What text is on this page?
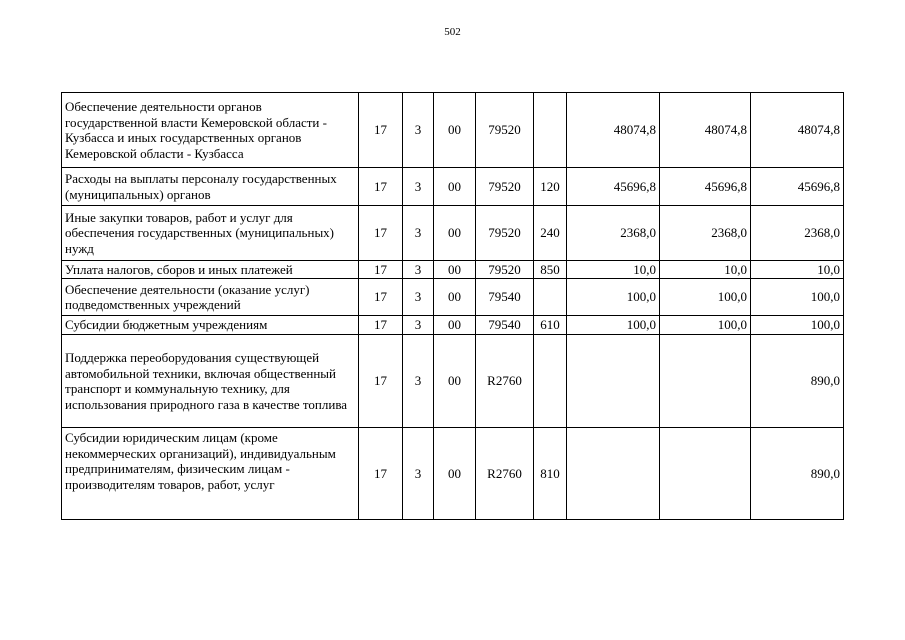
502
Обеспечение деятельности органов государственной власти Кемеровской области - Кузбасса и иных государственных органов Кемеровской области - Кузбасса	17	3	00	79520		48074,8	48074,8	48074,8
Расходы на выплаты персоналу государственных (муниципальных) органов	17	3	00	79520	120	45696,8	45696,8	45696,8
Иные закупки товаров, работ и услуг для обеспечения государственных (муниципальных) нужд	17	3	00	79520	240	2368,0	2368,0	2368,0
Уплата налогов, сборов и иных платежей	17	3	00	79520	850	10,0	10,0	10,0
Обеспечение деятельности (оказание услуг) подведомственных учреждений	17	3	00	79540		100,0	100,0	100,0
Субсидии бюджетным учреждениям	17	3	00	79540	610	100,0	100,0	100,0
Поддержка переоборудования существующей автомобильной техники, включая общественный транспорт и коммунальную технику, для использования природного газа в качестве топлива	17	3	00	R2760				890,0
Субсидии юридическим лицам (кроме некоммерческих организаций), индивидуальным предпринимателям, физическим лицам - производителям товаров, работ, услуг	17	3	00	R2760	810			890,0
